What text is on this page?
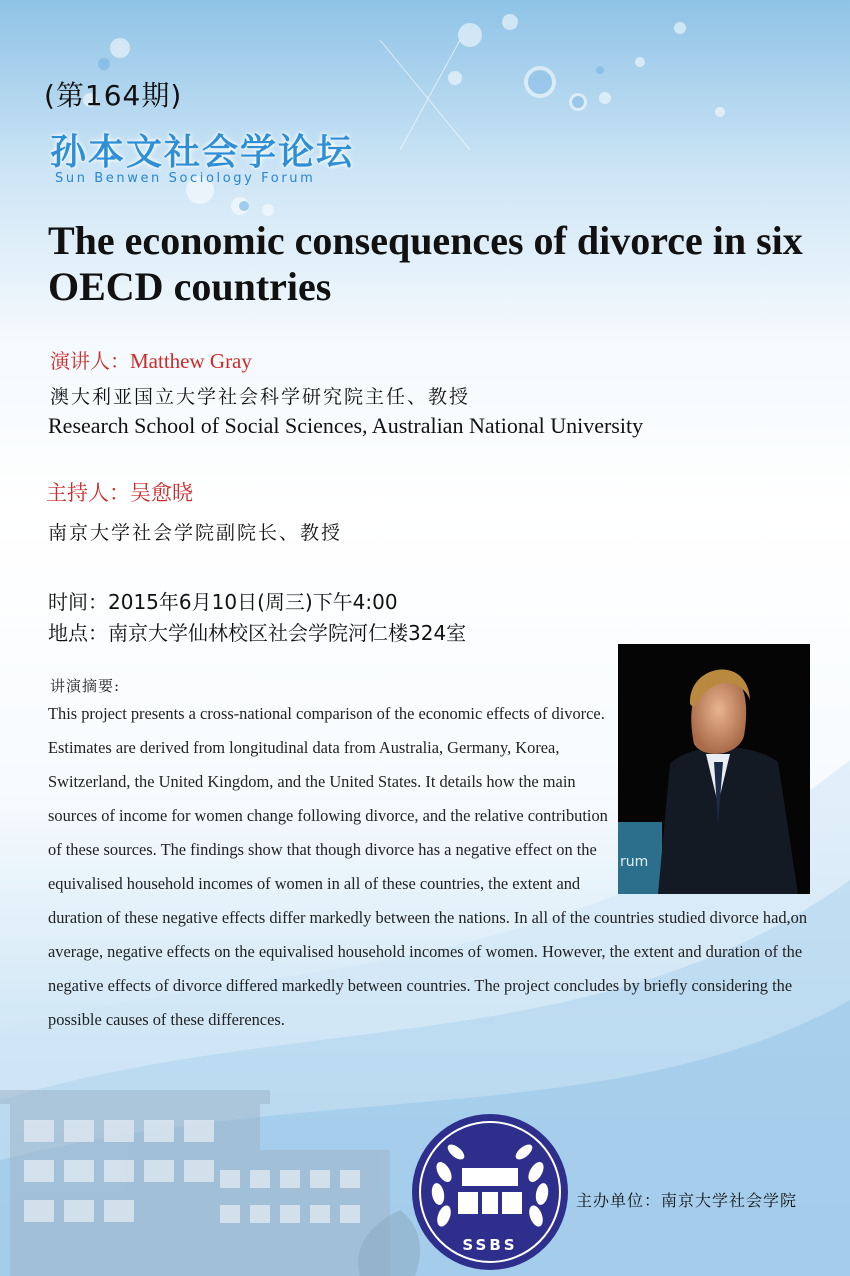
(第164期)
孙本文社会学论坛
Sun Benwen Sociology Forum
The economic consequences of divorce in six OECD countries
演讲人：Matthew Gray
澳大利亚国立大学社会科学研究院主任、教授
Research School of Social Sciences, Australian National University
主持人：吴愈晓
南京大学社会学院副院长、教授
时间：2015年6月10日(周三)下午4:00
地点：南京大学仙林校区社会学院河仁楼324室
讲演摘要:
rum

This project presents a cross-national comparison of the economic effects of divorce. Estimates are derived from longitudinal data from Australia, Germany, Korea, Switzerland, the United Kingdom, and the United States. It details how the main sources of income for women change following divorce, and the relative contribution of these sources. The findings show that though divorce has a negative effect on the equivalised household incomes of women in all of these countries, the extent and duration of these negative effects differ markedly between the nations. In all of the countries studied divorce had,on average, negative effects on the equivalised household incomes of women. However, the extent and duration of the negative effects of divorce differed markedly between countries. The project concludes by briefly considering the possible causes of these differences.

SSBS
主办单位：南京大学社会学院
